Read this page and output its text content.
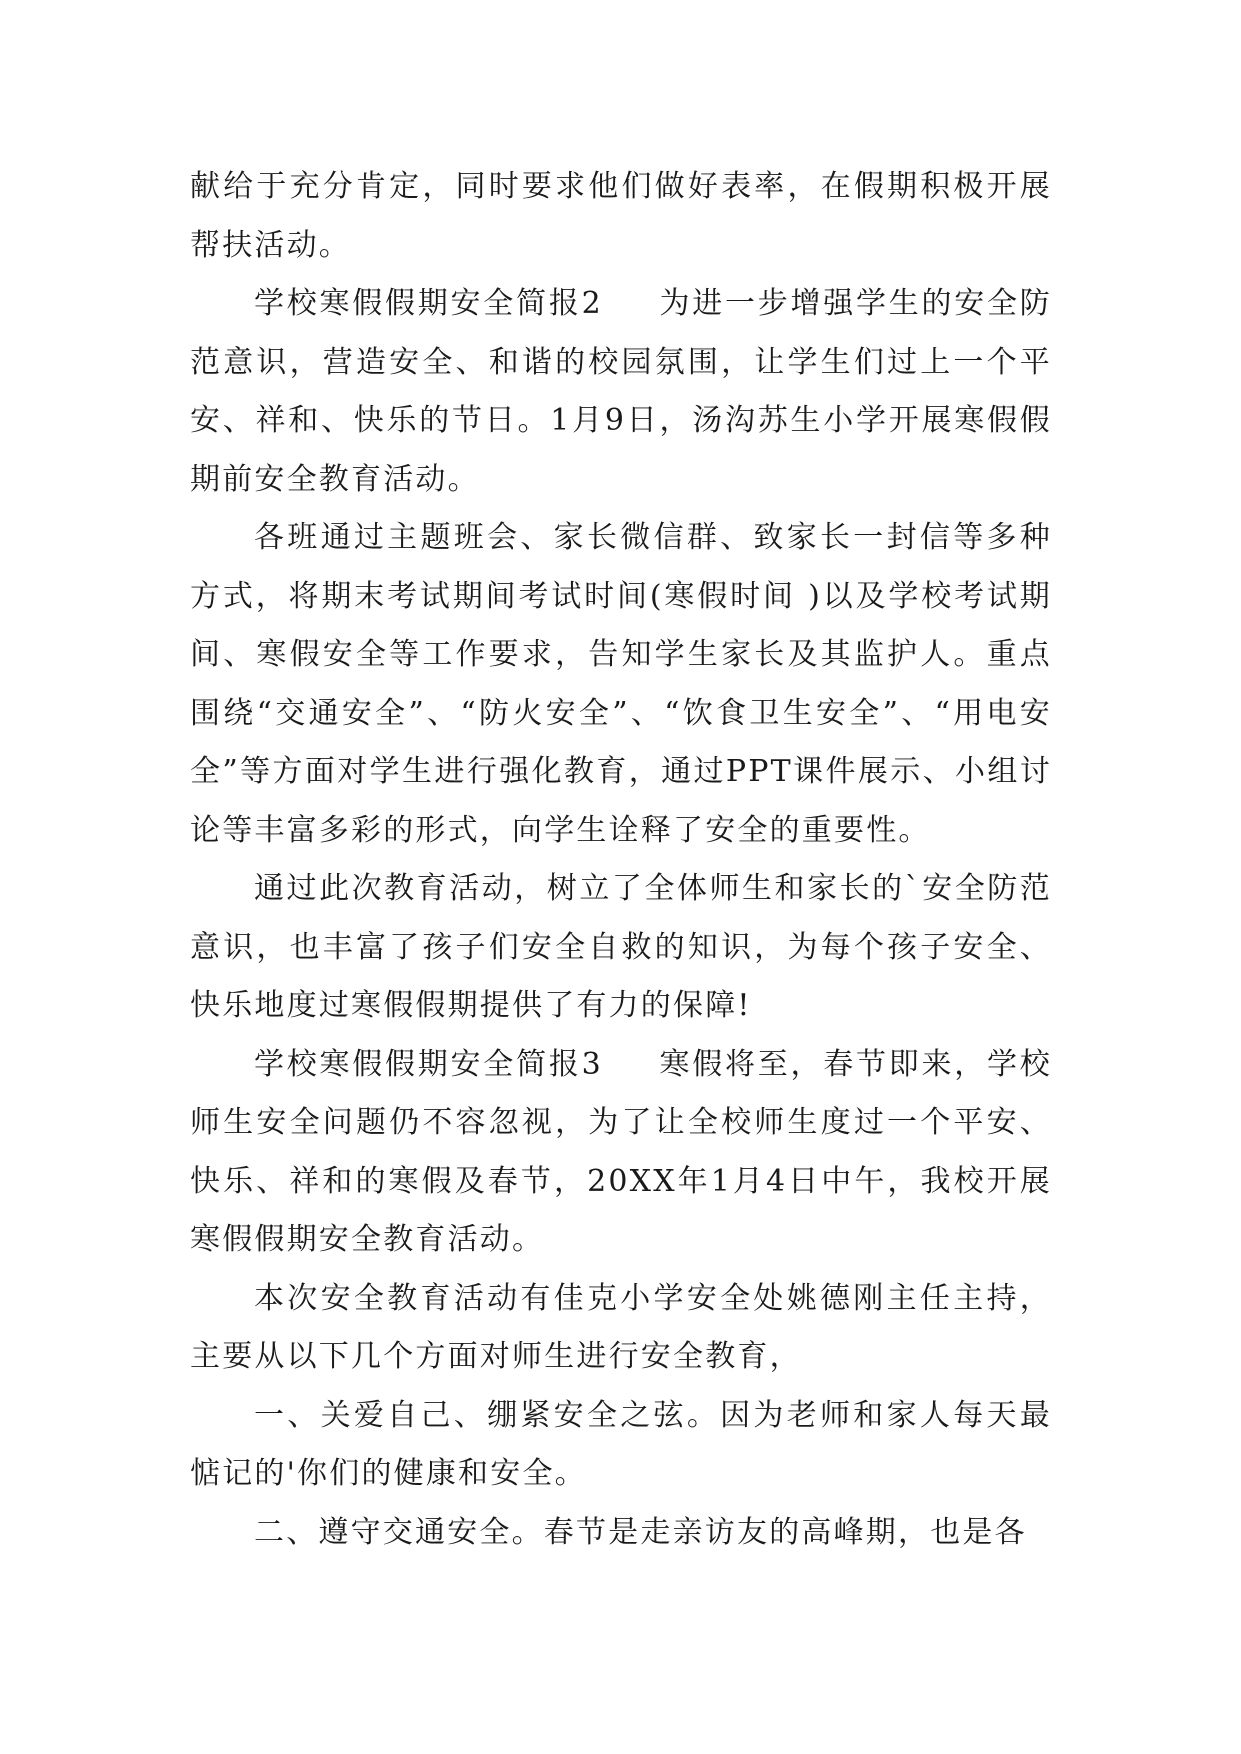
献给于充分肯定，同时要求他们做好表率，在假期积极开展帮扶活动。

学校寒假假期安全简报2 为进一步增强学生的安全防范意识，营造安全、和谐的校园氛围，让学生们过上一个平安、祥和、快乐的节日。1月9日，汤沟苏生小学开展寒假假期前安全教育活动。

各班通过主题班会、家长微信群、致家长一封信等多种方式，将期末考试期间考试时间(寒假时间 )以及学校考试期间、寒假安全等工作要求，告知学生家长及其监护人。重点围绕“交通安全”、“防火安全”、“饮食卫生安全”、“用电安全”等方面对学生进行强化教育，通过PPT课件展示、小组讨论等丰富多彩的形式，向学生诠释了安全的重要性。

通过此次教育活动，树立了全体师生和家长的`安全防范意识，也丰富了孩子们安全自救的知识，为每个孩子安全、快乐地度过寒假假期提供了有力的保障!

学校寒假假期安全简报3 寒假将至，春节即来，学校师生安全问题仍不容忽视，为了让全校师生度过一个平安、快乐、祥和的寒假及春节，20XX年1月4日中午，我校开展寒假假期安全教育活动。

本次安全教育活动有佳克小学安全处姚德刚主任主持，主要从以下几个方面对师生进行安全教育，

一、关爱自己、绷紧安全之弦。因为老师和家人每天最惦记的'你们的健康和安全。

二、遵守交通安全。春节是走亲访友的高峰期，也是各
